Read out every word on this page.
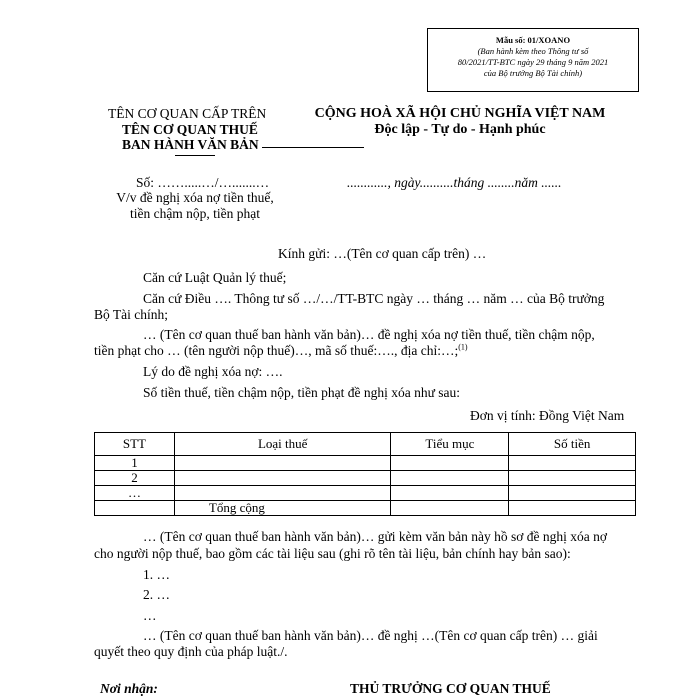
Mẫu số: 01/XOANO
(Ban hành kèm theo Thông tư số
80/2021/TT-BTC ngày 29 tháng 9 năm 2021
của Bộ trưởng Bộ Tài chính)
TÊN CƠ QUAN CẤP TRÊN
TÊN CƠ QUAN THUẾ
BAN HÀNH VĂN BẢN
CỘNG HOÀ XÃ HỘI CHỦ NGHĨA VIỆT NAM
Độc lập - Tự do - Hạnh phúc
Số: …….....…/….......…	............, ngày..........tháng ........năm ......
V/v đề nghị xóa nợ tiền thuế,
tiền chậm nộp, tiền phạt
Kính gửi: …(Tên cơ quan cấp trên) …
Căn cứ Luật Quản lý thuế;
Căn cứ Điều …. Thông tư số …/…/TT-BTC ngày … tháng … năm … của Bộ trưởng
Bộ Tài chính;
… (Tên cơ quan thuế ban hành văn bản)… đề nghị xóa nợ tiền thuế, tiền chậm nộp,
tiền phạt cho … (tên người nộp thuế)…, mã số thuế:…., địa chỉ:…;$^{(1)}$
Lý do đề nghị xóa nợ: ….
Số tiền thuế, tiền chậm nộp, tiền phạt đề nghị xóa như sau:
Đơn vị tính: Đồng Việt Nam
STT	Loại thuế	Tiểu mục	Số tiền
1			
2			
…			
	Tổng cộng		
… (Tên cơ quan thuế ban hành văn bản)… gửi kèm văn bản này hồ sơ đề nghị xóa nợ
cho người nộp thuế, bao gồm các tài liệu sau (ghi rõ tên tài liệu, bản chính hay bản sao):
1. …
2. …
…
… (Tên cơ quan thuế ban hành văn bản)… đề nghị …(Tên cơ quan cấp trên) … giải
quyết theo quy định của pháp luật./.
Nơi nhận:	THỦ TRƯỞNG CƠ QUAN THUẾ
